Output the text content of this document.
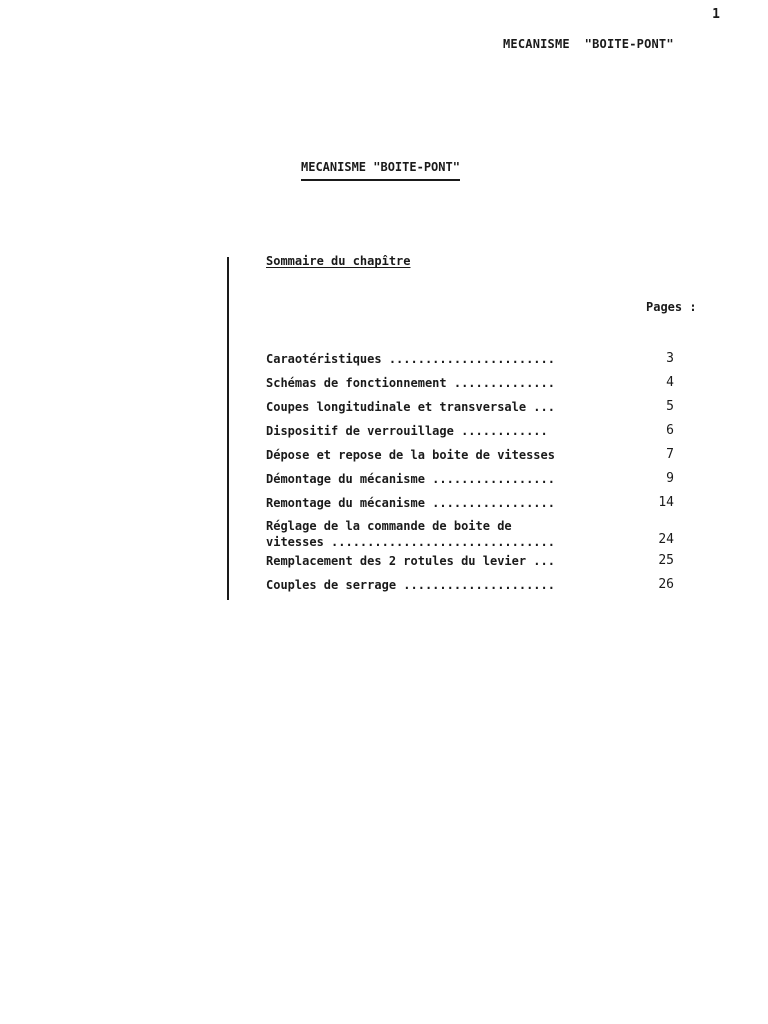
1
MECANISME  "BOITE-PONT"
MECANISME "BOITE-PONT"
Sommaire du chapître
Pages :
Caraotéristiques .......................	3
Schémas de fonctionnement ..............	4
Coupes longitudinale et transversale ...	5
Dispositif de verrouillage ............	6
Dépose et repose de la boite de vitesses	7
Démontage du mécanisme .................	9
Remontage du mécanisme .................	14
Réglage de la commande de boite de
vitesses ...............................	24
Remplacement des 2 rotules du levier ...	25
Couples de serrage .....................	26
